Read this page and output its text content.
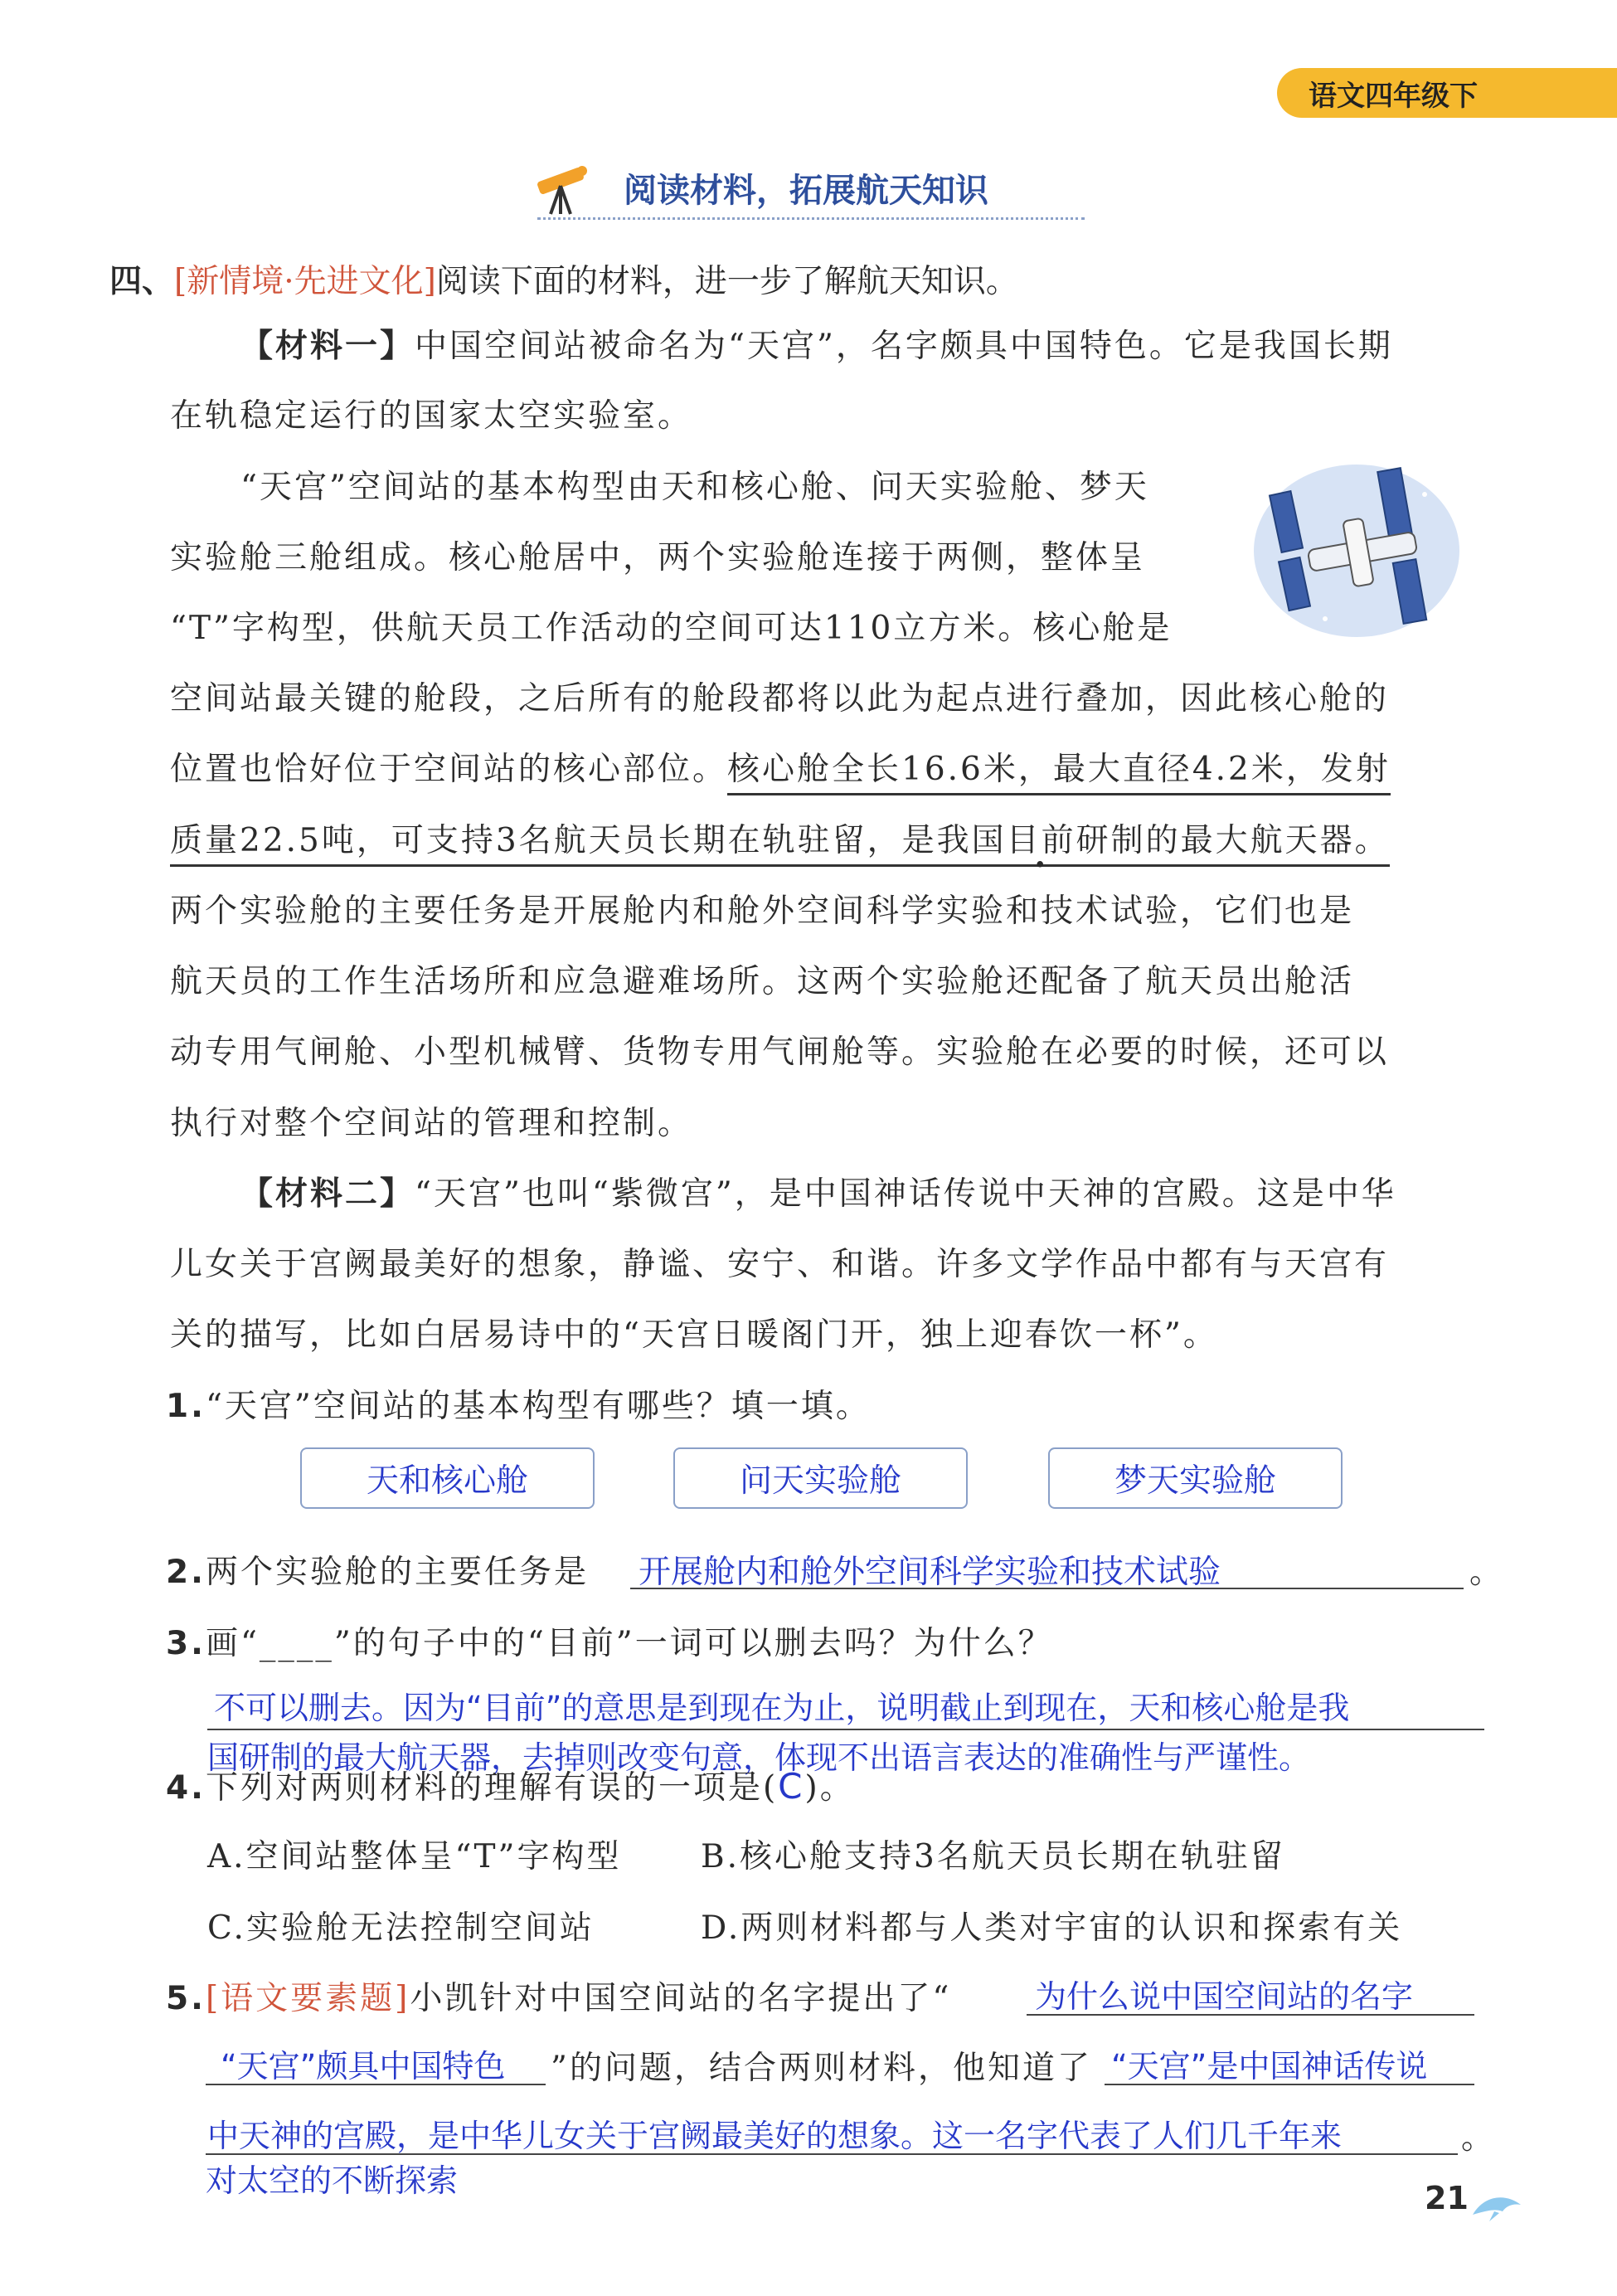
语文四年级下
阅读材料，拓展航天知识
四、[新情境·先进文化]阅读下面的材料，进一步了解航天知识。
【材料一】中国空间站被命名为“天宫”，名字颇具中国特色。它是我国长期
在轨稳定运行的国家太空实验室。
“天宫”空间站的基本构型由天和核心舱、问天实验舱、梦天
实验舱三舱组成。核心舱居中，两个实验舱连接于两侧，整体呈
“T”字构型，供航天员工作活动的空间可达110立方米。核心舱是
空间站最关键的舱段，之后所有的舱段都将以此为起点进行叠加，因此核心舱的
位置也恰好位于空间站的核心部位。核心舱全长16.6米，最大直径4.2米，发射
质量22.5吨，可支持3名航天员长期在轨驻留，是我国目前研制的最大航天器。
两个实验舱的主要任务是开展舱内和舱外空间科学实验和技术试验，它们也是
航天员的工作生活场所和应急避难场所。这两个实验舱还配备了航天员出舱活
动专用气闸舱、小型机械臂、货物专用气闸舱等。实验舱在必要的时候，还可以
执行对整个空间站的管理和控制。
【材料二】“天宫”也叫“紫微宫”，是中国神话传说中天神的宫殿。这是中华
儿女关于宫阙最美好的想象，静谧、安宁、和谐。许多文学作品中都有与天宫有
关的描写，比如白居易诗中的“天宫日暖阁门开，独上迎春饮一杯”。
1.“天宫”空间站的基本构型有哪些？填一填。
天和核心舱	问天实验舱	梦天实验舱
2.两个实验舱的主要任务是 开展舱内和舱外空间科学实验和技术试验	。
3.画“____”的句子中的“目前”一词可以删去吗？为什么？
不可以删去。因为“目前”的意思是到现在为止，说明截止到现在，天和核心舱是我
国研制的最大航天器，去掉则改变句意，体现不出语言表达的准确性与严谨性。
4.下列对两则材料的理解有误的一项是(C)。
A.空间站整体呈“T”字构型 B.核心舱支持3名航天员长期在轨驻留
C.实验舱无法控制空间站	D.两则材料都与人类对宇宙的认识和探索有关
5.[语文要素题]小凯针对中国空间站的名字提出了“	为什么说中国空间站的名字
“天宫”颇具中国特色 ”的问题，结合两则材料，他知道了 “天宫”是中国神话传说
中天神的宫殿，是中华儿女关于宫阙最美好的想象。这一名字代表了人们几千年来	。
对太空的不断探索	21
